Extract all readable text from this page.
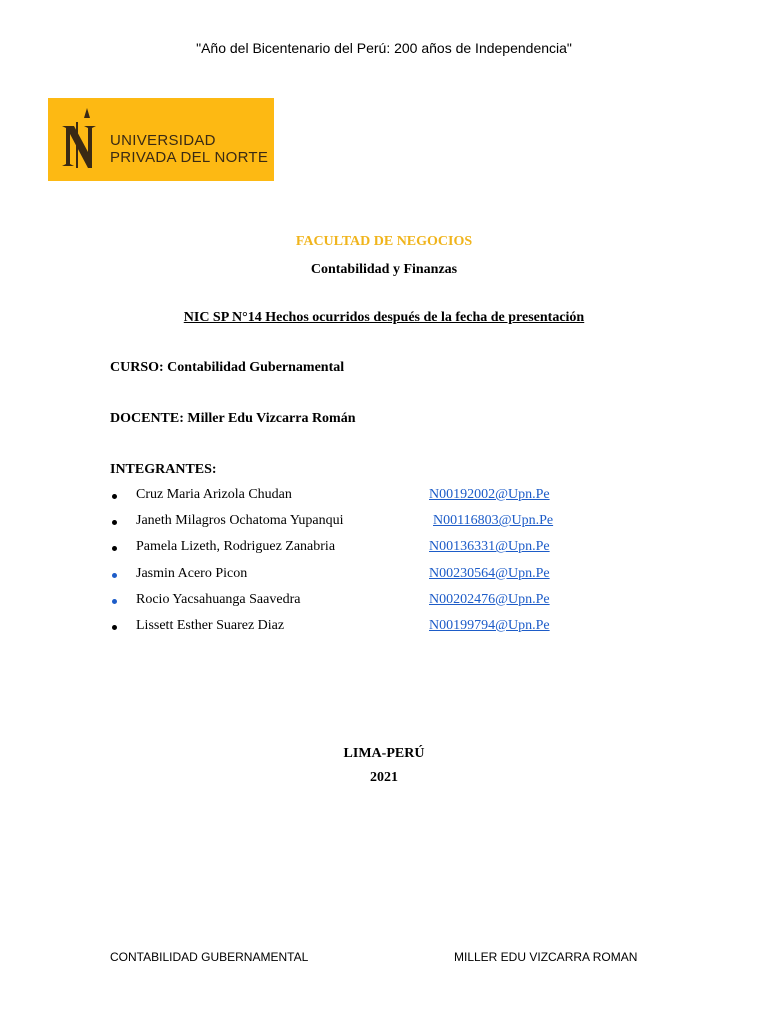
"Año del Bicentenario del Perú: 200 años de Independencia"
UNIVERSIDAD
PRIVADA DEL NORTE
FACULTAD DE NEGOCIOS
Contabilidad y Finanzas
NIC SP N°14 Hechos ocurridos después de la fecha de presentación
CURSO: Contabilidad Gubernamental
DOCENTE: Miller Edu Vizcarra Román
INTEGRANTES:
Cruz Maria Arizola Chudan	N00192002@Upn.Pe
Janeth Milagros Ochatoma Yupanqui	N00116803@Upn.Pe
Pamela Lizeth, Rodriguez Zanabria	N00136331@Upn.Pe
Jasmin Acero Picon	N00230564@Upn.Pe
Rocio Yacsahuanga Saavedra	N00202476@Upn.Pe
Lissett Esther Suarez Diaz	N00199794@Upn.Pe
LIMA-PERÚ
2021
CONTABILIDAD GUBERNAMENTAL	MILLER EDU VIZCARRA ROMAN
